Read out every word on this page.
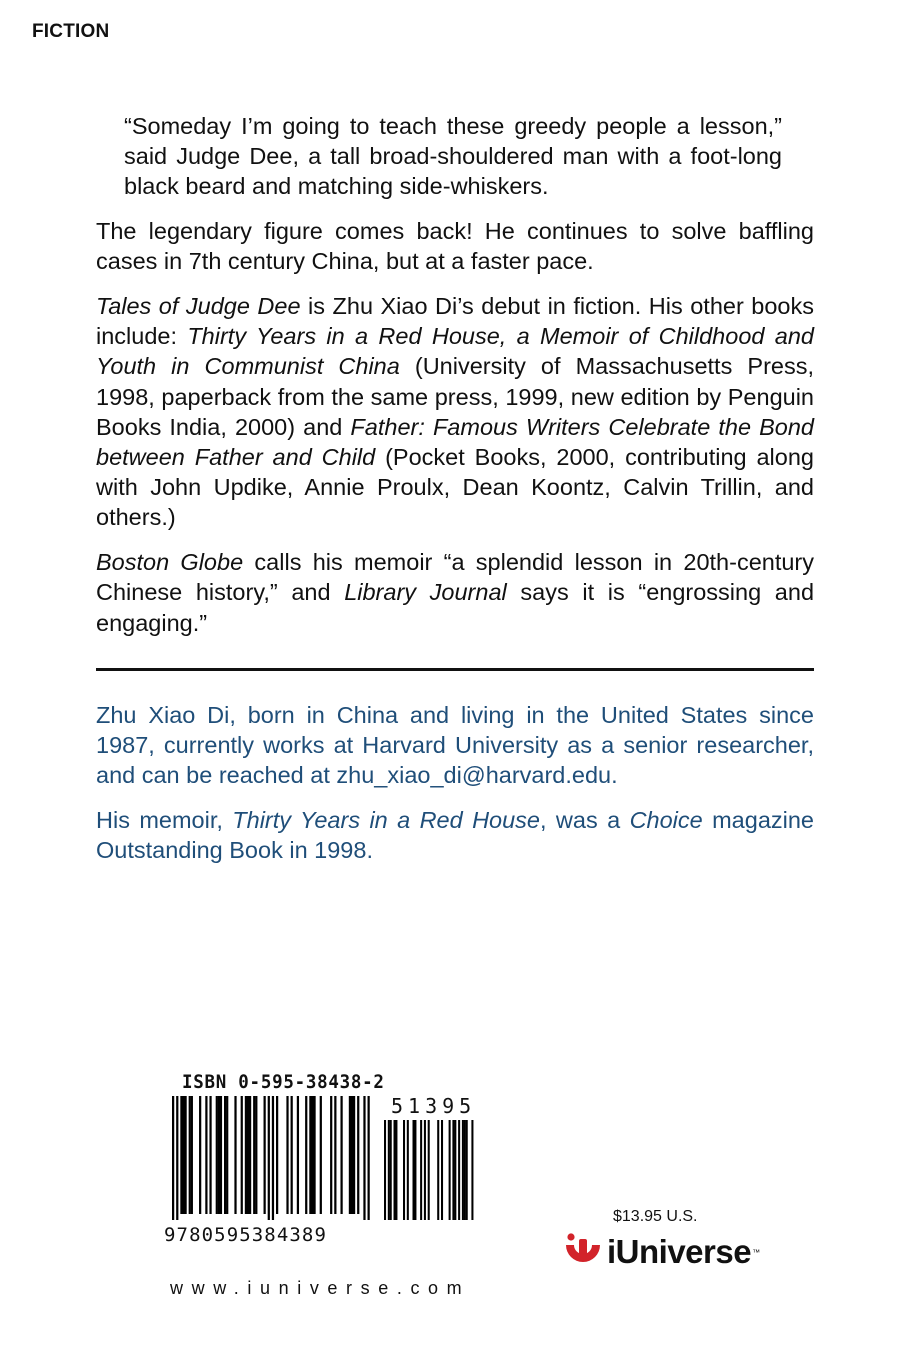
FICTION

“Someday I’m going to teach these greedy people a lesson,” said Judge Dee, a tall broad-shouldered man with a foot-long black beard and matching side-whiskers.

The legendary figure comes back! He continues to solve baffling cases in 7th century China, but at a faster pace.

Tales of Judge Dee is Zhu Xiao Di’s debut in fiction. His other books include: Thirty Years in a Red House, a Memoir of Childhood and Youth in Communist China (University of Massachusetts Press, 1998, paperback from the same press, 1999, new edition by Penguin Books India, 2000) and Father: Famous Writers Celebrate the Bond between Father and Child (Pocket Books, 2000, contributing along with John Updike, Annie Proulx, Dean Koontz, Calvin Trillin, and others.)

Boston Globe calls his memoir “a splendid lesson in 20th-century Chinese history,” and Library Journal says it is “engrossing and engaging.”

Zhu Xiao Di, born in China and living in the United States since 1987, currently works at Harvard University as a senior researcher, and can be reached at zhu_xiao_di@harvard.edu.

His memoir, Thirty Years in a Red House, was a Choice magazine Outstanding Book in 1998.

ISBN 0-595-38438-2
51395
9780595384389
$13.95 U.S.
iUniverse ™
www.iuniverse.com
